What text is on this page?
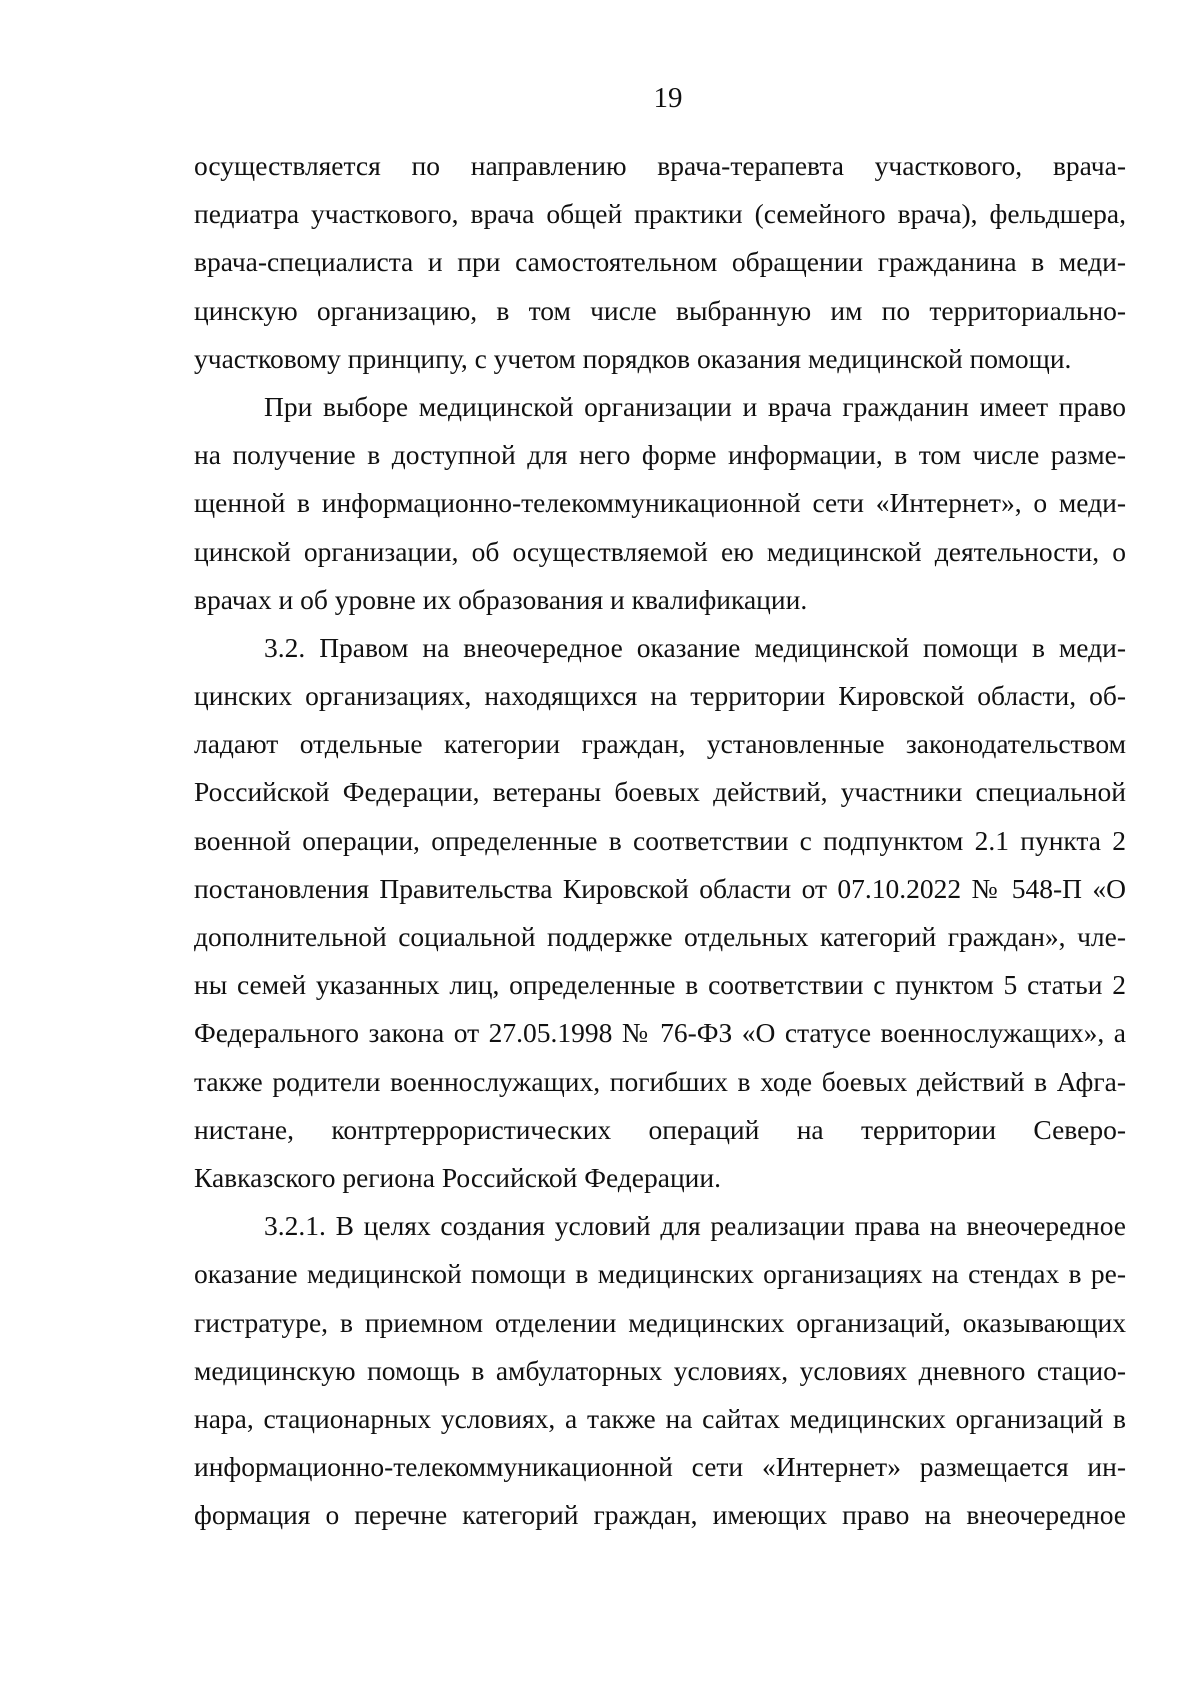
19
осуществляется по направлению врача-терапевта участкового, врача-
педиатра участкового, врача общей практики (семейного врача), фельдшера,
врача-специалиста и при самостоятельном обращении гражданина в меди-
цинскую организацию, в том числе выбранную им по территориально-
участковому принципу, с учетом порядков оказания медицинской помощи.
При выборе медицинской организации и врача гражданин имеет право
на получение в доступной для него форме информации, в том числе разме-
щенной в информационно-телекоммуникационной сети «Интернет», о меди-
цинской организации, об осуществляемой ею медицинской деятельности, о
врачах и об уровне их образования и квалификации.
3.2. Правом на внеочередное оказание медицинской помощи в меди-
цинских организациях, находящихся на территории Кировской области, об-
ладают отдельные категории граждан, установленные законодательством
Российской Федерации, ветераны боевых действий, участники специальной
военной операции, определенные в соответствии с подпунктом 2.1 пункта 2
постановления Правительства Кировской области от 07.10.2022 № 548-П «О
дополнительной социальной поддержке отдельных категорий граждан», чле-
ны семей указанных лиц, определенные в соответствии с пунктом 5 статьи 2
Федерального закона от 27.05.1998 № 76-ФЗ «О статусе военнослужащих», а
также родители военнослужащих, погибших в ходе боевых действий в Афга-
нистане, контртеррористических операций на территории Северо-
Кавказского региона Российской Федерации.
3.2.1. В целях создания условий для реализации права на внеочередное
оказание медицинской помощи в медицинских организациях на стендах в ре-
гистратуре, в приемном отделении медицинских организаций, оказывающих
медицинскую помощь в амбулаторных условиях, условиях дневного стацио-
нара, стационарных условиях, а также на сайтах медицинских организаций в
информационно-телекоммуникационной сети «Интернет» размещается ин-
формация о перечне категорий граждан, имеющих право на внеочередное
